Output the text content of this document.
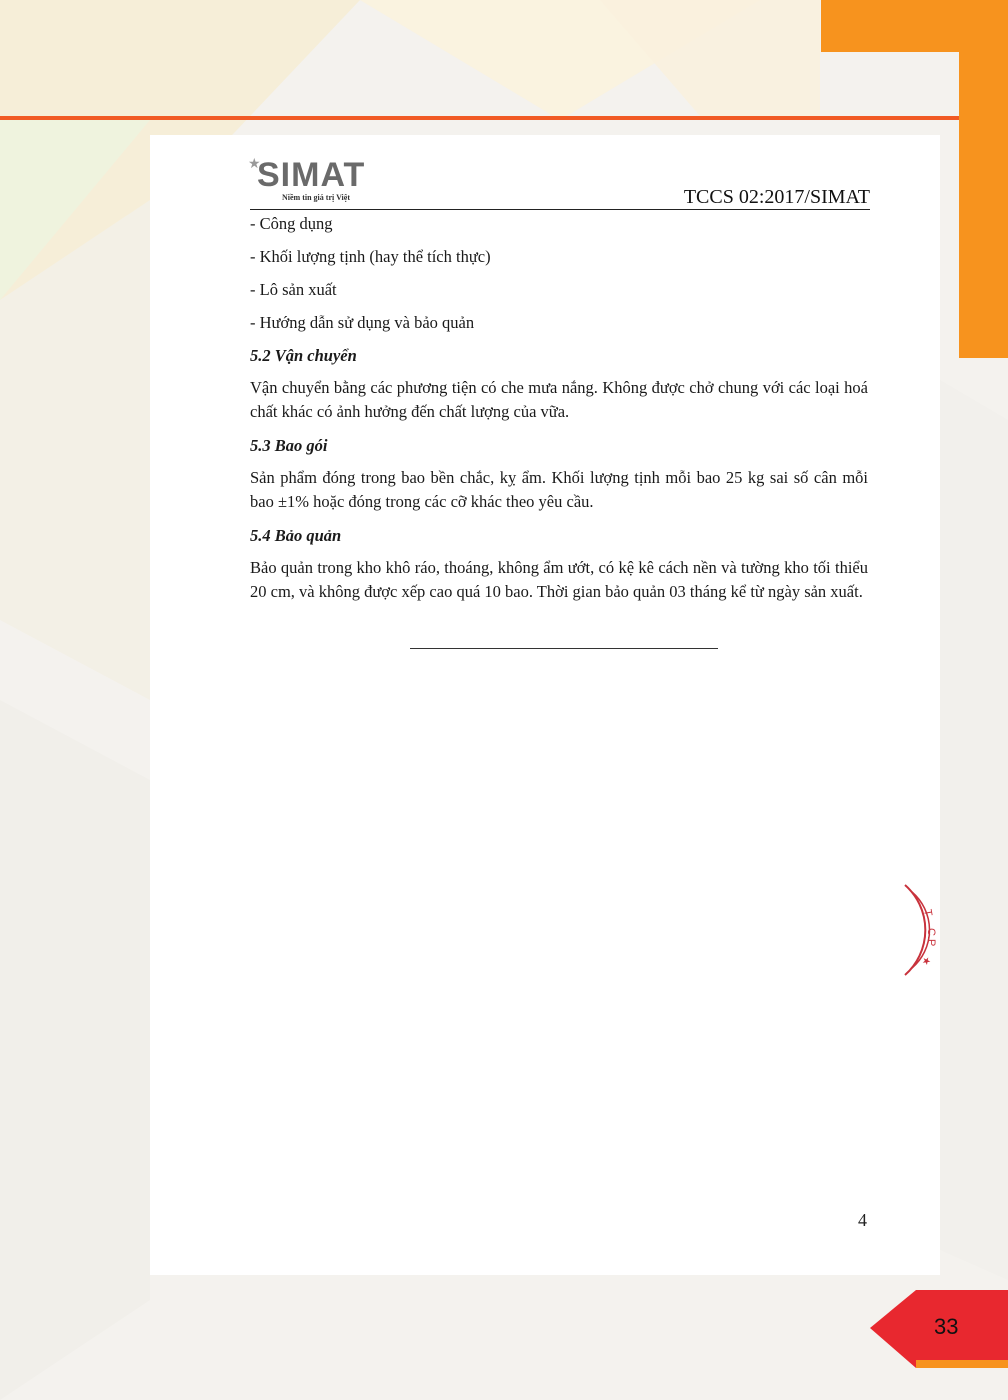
★
SIMAT
Niềm tin giá trị Việt	TCCS 02:2017/SIMAT

- Công dụng

- Khối lượng tịnh (hay thể tích thực)

- Lô sản xuất

- Hướng dẫn sử dụng và bảo quản

5.2 Vận chuyển

Vận chuyển bằng các phương tiện có che mưa nắng. Không được chở chung với các loại hoá chất khác có ảnh hưởng đến chất lượng của vữa.

5.3 Bao gói

Sản phẩm đóng trong bao bền chắc, kỵ ẩm. Khối lượng tịnh mỗi bao 25 kg sai số cân mỗi bao ±1% hoặc đóng trong các cỡ khác theo yêu cầu.

5.4 Bảo quản

Bảo quản trong kho khô ráo, thoáng, không ẩm ướt, có kệ kê cách nền và tường kho tối thiểu 20 cm, và không được xếp cao quá 10 bao. Thời gian bảo quản 03 tháng kể từ ngày sản xuất.

T
C.P
★
4
33
